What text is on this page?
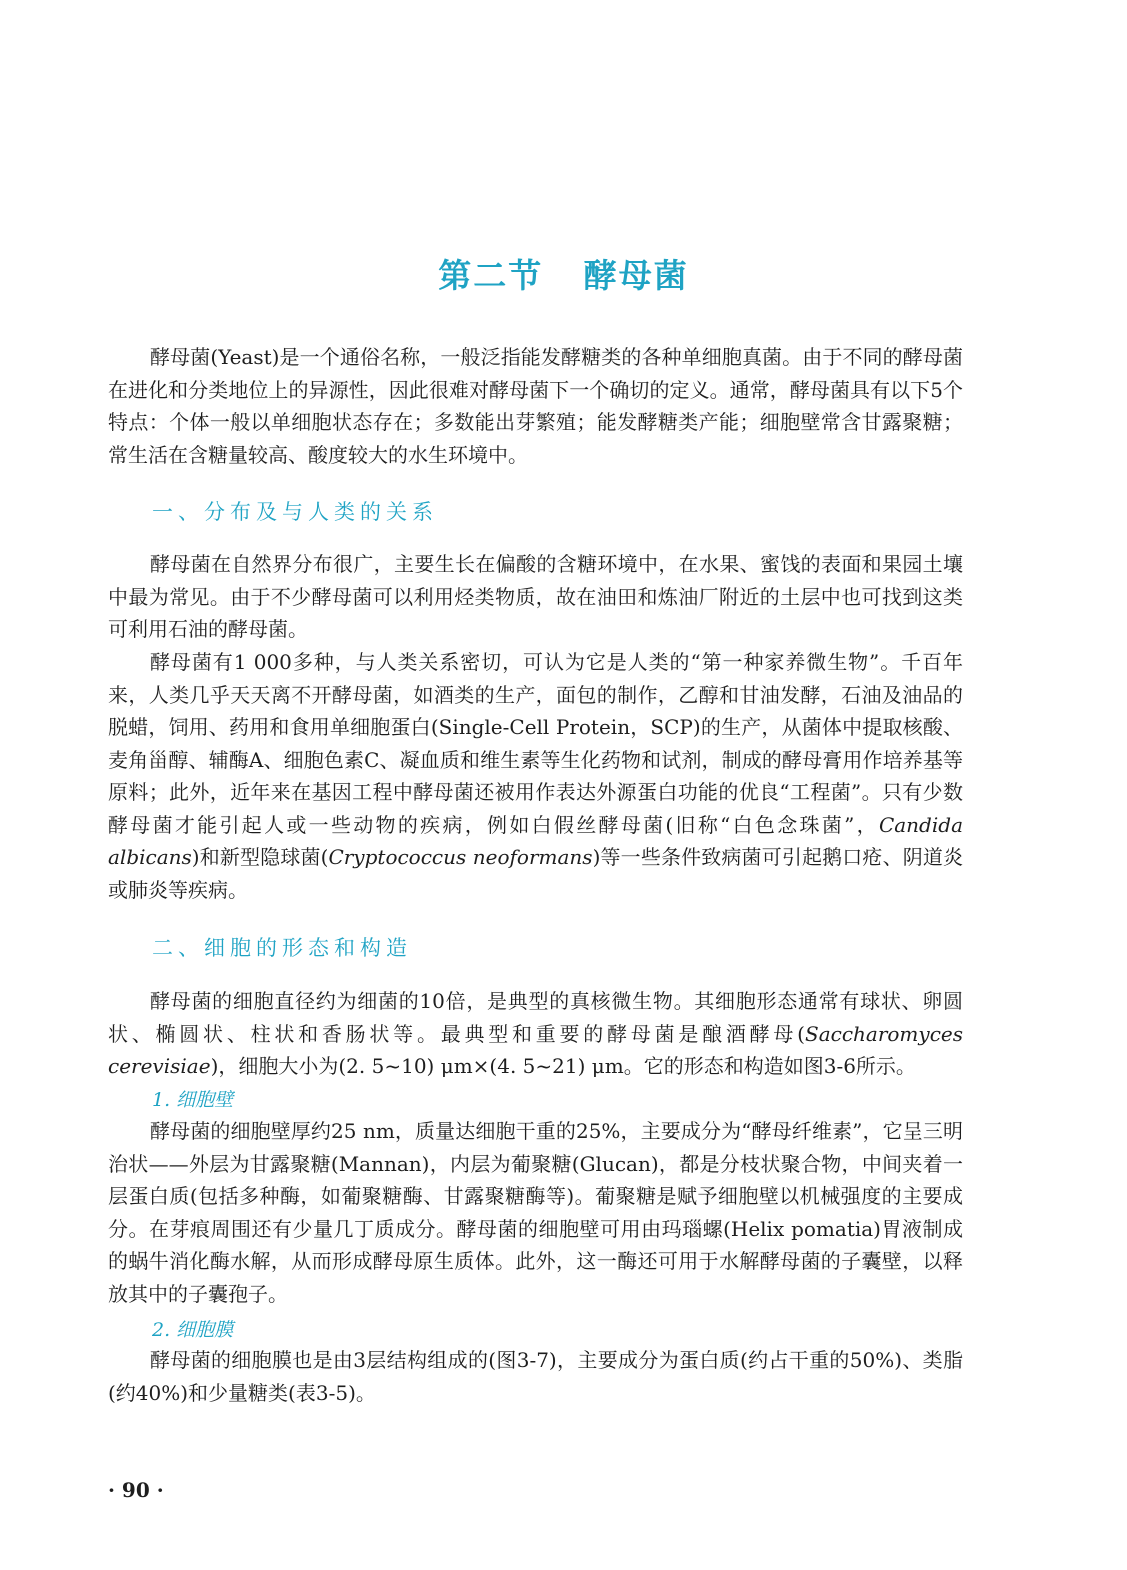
第二节   酵母菌
酵母菌(Yeast)是一个通俗名称，一般泛指能发酵糖类的各种单细胞真菌。由于不同的酵母菌在进化和分类地位上的异源性，因此很难对酵母菌下一个确切的定义。通常，酵母菌具有以下5个特点：个体一般以单细胞状态存在；多数能出芽繁殖；能发酵糖类产能；细胞壁常含甘露聚糖；常生活在含糖量较高、酸度较大的水生环境中。
一、分布及与人类的关系
酵母菌在自然界分布很广，主要生长在偏酸的含糖环境中，在水果、蜜饯的表面和果园土壤中最为常见。由于不少酵母菌可以利用烃类物质，故在油田和炼油厂附近的土层中也可找到这类可利用石油的酵母菌。
酵母菌有1 000多种，与人类关系密切，可认为它是人类的“第一种家养微生物”。千百年来，人类几乎天天离不开酵母菌，如酒类的生产，面包的制作，乙醇和甘油发酵，石油及油品的脱蜡，饲用、药用和食用单细胞蛋白(Single-Cell Protein，SCP)的生产，从菌体中提取核酸、麦角甾醇、辅酶A、细胞色素C、凝血质和维生素等生化药物和试剂，制成的酵母膏用作培养基等原料；此外，近年来在基因工程中酵母菌还被用作表达外源蛋白功能的优良“工程菌”。只有少数酵母菌才能引起人或一些动物的疾病，例如白假丝酵母菌(旧称“白色念珠菌”，Candida albicans)和新型隐球菌(Cryptococcus neoformans)等一些条件致病菌可引起鹅口疮、阴道炎或肺炎等疾病。
二、细胞的形态和构造
酵母菌的细胞直径约为细菌的10倍，是典型的真核微生物。其细胞形态通常有球状、卵圆状、椭圆状、柱状和香肠状等。最典型和重要的酵母菌是酿酒酵母(Saccharomyces cerevisiae)，细胞大小为(2. 5~10) μm×(4. 5~21) μm。它的形态和构造如图3-6所示。
1. 细胞壁
酵母菌的细胞壁厚约25 nm，质量达细胞干重的25%，主要成分为“酵母纤维素”，它呈三明治状——外层为甘露聚糖(Mannan)，内层为葡聚糖(Glucan)，都是分枝状聚合物，中间夹着一层蛋白质(包括多种酶，如葡聚糖酶、甘露聚糖酶等)。葡聚糖是赋予细胞壁以机械强度的主要成分。在芽痕周围还有少量几丁质成分。酵母菌的细胞壁可用由玛瑙螺(Helix pomatia)胃液制成的蜗牛消化酶水解，从而形成酵母原生质体。此外，这一酶还可用于水解酵母菌的子囊壁，以释放其中的子囊孢子。
2. 细胞膜
酵母菌的细胞膜也是由3层结构组成的(图3-7)，主要成分为蛋白质(约占干重的50%)、类脂(约40%)和少量糖类(表3-5)。
· 90 ·
